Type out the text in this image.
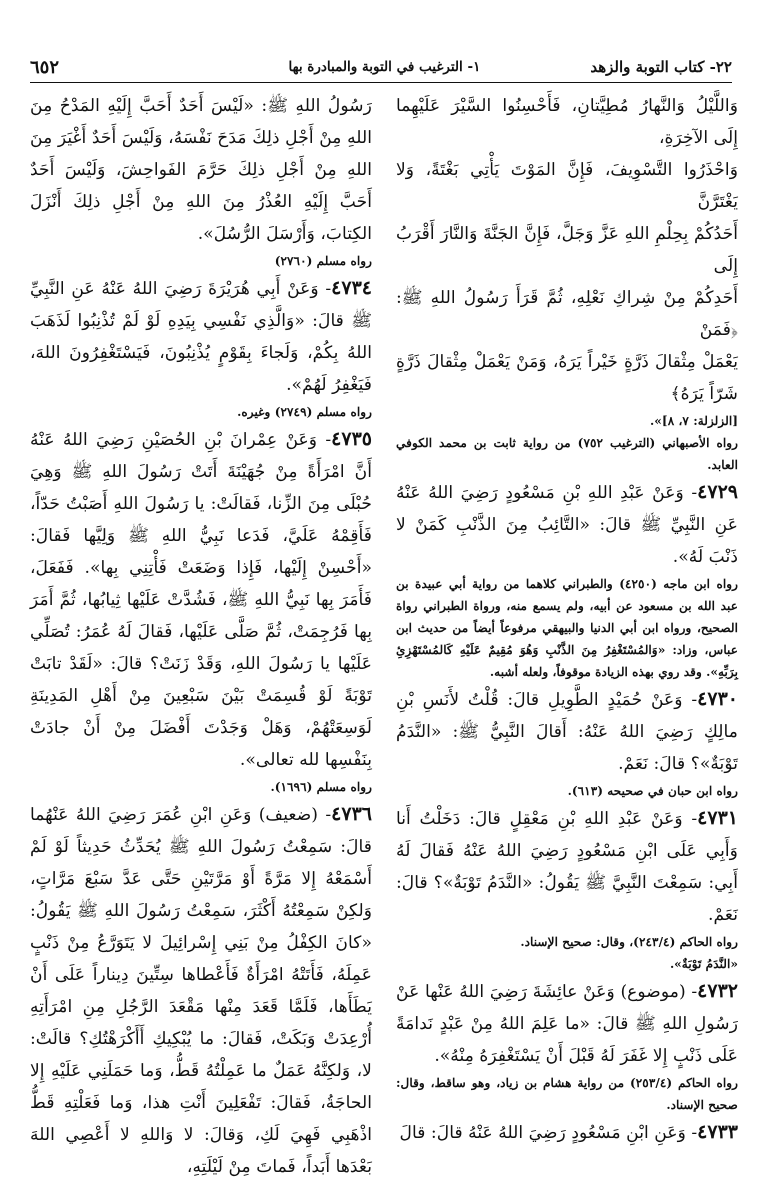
٢٢- كتاب التوبة والزهد
١- الترغيب في التوبة والمبادرة بها
٦٥٢

وَاللَّيْلُ وَالنَّهارُ مُطِيَّتانِ، فَأَحْسِنُوا السَّيْرَ عَلَيْهِما إِلَى الآخِرَةِ،

وَاحْذَرُوا التَّسْوِيفَ، فَإِنَّ المَوْتَ يَأْتِي بَغْتَةً، وَلا يَغْتَرَّنَّ

أَحَدُكُمْ بِحِلْمِ اللهِ عَزَّ وَجَلَّ، فَإِنَّ الجَنَّةَ وَالنَّارَ أَقْرَبُ إِلَى

أَحَدِكُمْ مِنْ شِراكِ نَعْلِهِ، ثُمَّ قَرَأَ رَسُولُ اللهِ ﷺ: ﴿فَمَنْ

يَعْمَلْ مِثْقالَ ذَرَّةٍ خَيْراً يَرَهُ، وَمَنْ يَعْمَلْ مِثْقالَ ذَرَّةٍ شَرّاً يَرَهُ﴾

[الزلزلة: ٧، ٨]».

رواه الأصبهاني (الترغيب ٧٥٢) من رواية ثابت بن محمد الكوفي العابد.

٤٧٢٩- وَعَنْ عَبْدِ اللهِ بْنِ مَسْعُودٍ رَضِيَ اللهُ عَنْهُ عَنِ النَّبِيِّ ﷺ قالَ: «التَّائِبُ مِنَ الذَّنْبِ كَمَنْ لا ذَنْبَ لَهُ».

رواه ابن ماجه (٤٢٥٠) والطبراني كلاهما من رواية أبي عبيدة بن عبد الله بن مسعود عن أبيه، ولم يسمع منه، ورواة الطبراني رواة الصحيح، ورواه ابن أبي الدنيا والبيهقي مرفوعاً أيضاً من حديث ابن عباس، وزاد: «وَالمُسْتَغْفِرُ مِنَ الذَّنْبِ وَهُوَ مُقِيمٌ عَلَيْهِ كَالمُسْتَهْزِئِ بِرَبِّهِ». وقد روي بهذه الزيادة موقوفاً، ولعله أشبه.

٤٧٣٠- وَعَنْ حُمَيْدٍ الطَّوِيلِ قالَ: قُلْتُ لأَنَسِ بْنِ مالِكٍ رَضِيَ اللهُ عَنْهُ: أَقالَ النَّبِيُّ ﷺ: «النَّدَمُ تَوْبَةٌ»؟ قالَ: نَعَمْ.

رواه ابن حبان في صحيحه (٦١٣).

٤٧٣١- وَعَنْ عَبْدِ اللهِ بْنِ مَعْقِلٍ قالَ: دَخَلْتُ أَنا وَأَبِي عَلَى ابْنِ مَسْعُودٍ رَضِيَ اللهُ عَنْهُ فَقالَ لَهُ أَبِي: سَمِعْتَ النَّبِيَّ ﷺ يَقُولُ: «النَّدَمُ تَوْبَةٌ»؟ قالَ: نَعَمْ.

رواه الحاكم (٢٤٣/٤)، وقال: صحيح الإسناد.

«النَّدَمُ تَوْبَةٌ».

٤٧٣٢- (موضوع) وَعَنْ عائِشَةَ رَضِيَ اللهُ عَنْها عَنْ رَسُولِ اللهِ ﷺ قالَ: «ما عَلِمَ اللهُ مِنْ عَبْدٍ نَدامَةً عَلَى ذَنْبٍ إِلا غَفَرَ لَهُ قَبْلَ أَنْ يَسْتَغْفِرَهُ مِنْهُ».

رواه الحاكم (٢٥٣/٤) من رواية هشام بن زياد، وهو ساقط، وقال: صحيح الإسناد.

٤٧٣٣- وَعَنِ ابْنِ مَسْعُودٍ رَضِيَ اللهُ عَنْهُ قالَ: قالَ

رَسُولُ اللهِ ﷺ: «لَيْسَ أَحَدٌ أَحَبَّ إِلَيْهِ المَدْحُ مِنَ اللهِ مِنْ أَجْلِ ذلِكَ مَدَحَ نَفْسَهُ، وَلَيْسَ أَحَدٌ أَغْيَرَ مِنَ اللهِ مِنْ أَجْلِ ذلِكَ حَرَّمَ الفَواحِشَ، وَلَيْسَ أَحَدٌ أَحَبَّ إِلَيْهِ العُذْرُ مِنَ اللهِ مِنْ أَجْلِ ذلِكَ أَنْزَلَ الكِتابَ، وَأَرْسَلَ الرُّسُلَ».

رواه مسلم (٢٧٦٠)

٤٧٣٤- وَعَنْ أَبِي هُرَيْرَةَ رَضِيَ اللهُ عَنْهُ عَنِ النَّبِيِّ ﷺ قالَ: «وَالَّذِي نَفْسِي بِيَدِهِ لَوْ لَمْ تُذْنِبُوا لَذَهَبَ اللهُ بِكُمْ، وَلَجاءَ بِقَوْمٍ يُذْنِبُونَ، فَيَسْتَغْفِرُونَ اللهَ، فَيَغْفِرُ لَهُمْ».

رواه مسلم (٢٧٤٩) وغيره.

٤٧٣٥- وَعَنْ عِمْرانَ بْنِ الحُصَيْنِ رَضِيَ اللهُ عَنْهُ أَنَّ امْرَأَةً مِنْ جُهَيْنَةَ أَتَتْ رَسُولَ اللهِ ﷺ وَهِيَ حُبْلَى مِنَ الزِّنا، فَقالَتْ: يا رَسُولَ اللهِ أَصَبْتُ حَدّاً، فَأَقِمْهُ عَلَيَّ، فَدَعا نَبِيُّ اللهِ ﷺ وَلِيَّها فَقالَ: «أَحْسِنْ إِلَيْها، فَإِذا وَضَعَتْ فَأْتِنِي بِها». فَفَعَلَ، فَأَمَرَ بِها نَبِيُّ اللهِ ﷺ، فَشُدَّتْ عَلَيْها ثِيابُها، ثُمَّ أَمَرَ بِها فَرُجِمَتْ، ثُمَّ صَلَّى عَلَيْها، فَقالَ لَهُ عُمَرُ: تُصَلِّي عَلَيْها يا رَسُولَ اللهِ، وَقَدْ زَنَتْ؟ قالَ: «لَقَدْ تابَتْ تَوْبَةً لَوْ قُسِمَتْ بَيْنَ سَبْعِينَ مِنْ أَهْلِ المَدِينَةِ لَوَسِعَتْهُمْ، وَهَلْ وَجَدْتَ أَفْضَلَ مِنْ أَنْ جادَتْ بِنَفْسِها لله تعالى».

رواه مسلم (١٦٩٦).

٤٧٣٦- (ضعيف) وَعَنِ ابْنِ عُمَرَ رَضِيَ اللهُ عَنْهُما قالَ: سَمِعْتُ رَسُولَ اللهِ ﷺ يُحَدِّثُ حَدِيثاً لَوْ لَمْ أَسْمَعْهُ إِلا مَرَّةً أَوْ مَرَّتَيْنِ حَتَّى عَدَّ سَبْعَ مَرَّاتٍ، وَلكِنْ سَمِعْتُهُ أَكْثَرَ، سَمِعْتُ رَسُولَ اللهِ ﷺ يَقُولُ: «كانَ الكِفْلُ مِنْ بَنِي إِسْرائِيلَ لا يَتَوَرَّعُ مِنْ ذَنْبٍ عَمِلَهُ، فَأَتَتْهُ امْرَأَةٌ فَأَعْطاها سِتِّينَ دِيناراً عَلَى أَنْ يَطَأَها، فَلَمَّا قَعَدَ مِنْها مَقْعَدَ الرَّجُلِ مِنِ امْرَأَتِهِ أُرْعِدَتْ وَبَكَتْ، فَقالَ: ما يُبْكِيكِ أَأَكْرَهْتُكِ؟ قالَتْ: لا، وَلكِنَّهُ عَمَلٌ ما عَمِلْتُهُ قَطُّ، وَما حَمَلَنِي عَلَيْهِ إِلا الحاجَةُ، فَقالَ: تَفْعَلِينَ أَنْتِ هذا، وَما فَعَلْتِهِ قَطُّ اذْهَبِي فَهِيَ لَكِ، وَقالَ: لا وَاللهِ لا أَعْصِي اللهَ بَعْدَها أَبَداً، فَماتَ مِنْ لَيْلَتِهِ،
